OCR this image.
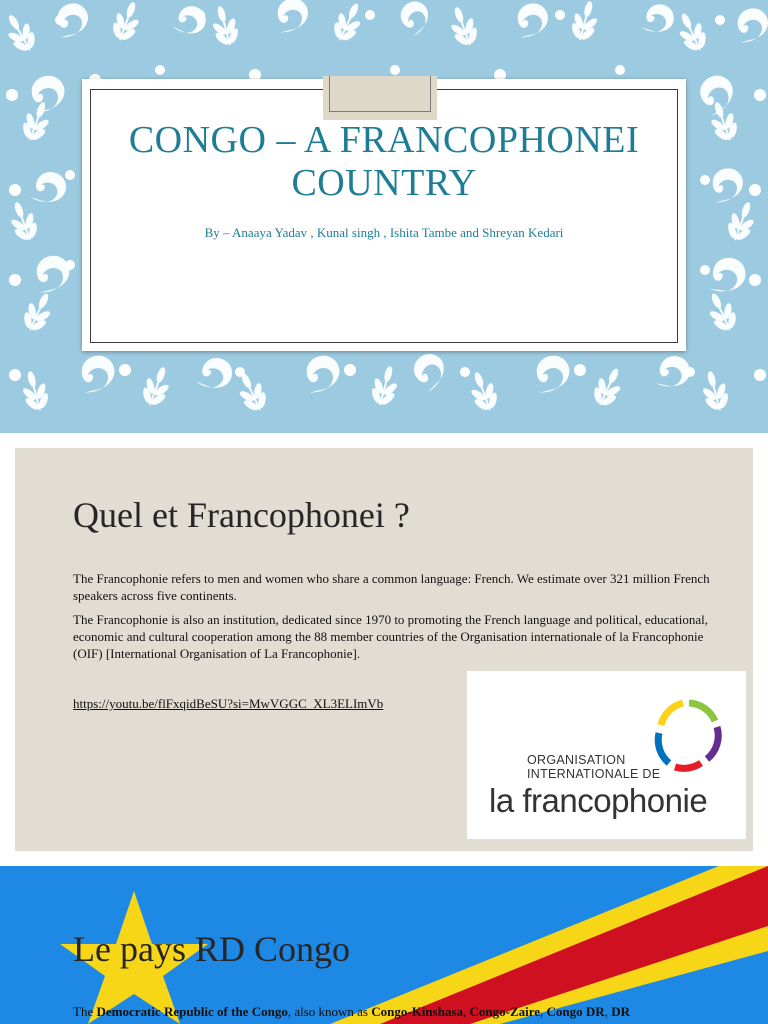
CONGO – A FRANCOPHONEI COUNTRY
By – Anaaya Yadav , Kunal singh , Ishita Tambe and Shreyan Kedari
Quel et Francophonei ?

The Francophonie refers to men and women who share a common language: French. We estimate over 321 million French speakers across five continents.

The Francophonie is also an institution, dedicated since 1970 to promoting the French language and political, educational, economic and cultural cooperation among the 88 member countries of the Organisation internationale of la Francophonie (OIF) [International Organisation of La Francophonie].

https://youtu.be/flFxqidBeSU?si=MwVGGC_XL3ELImVb
ORGANISATION
INTERNATIONALE DE
la francophonie
Le pays RD Congo
The Democratic Republic of the Congo, also known as Congo-Kinshasa, Congo-Zaire, Congo DR, DR
